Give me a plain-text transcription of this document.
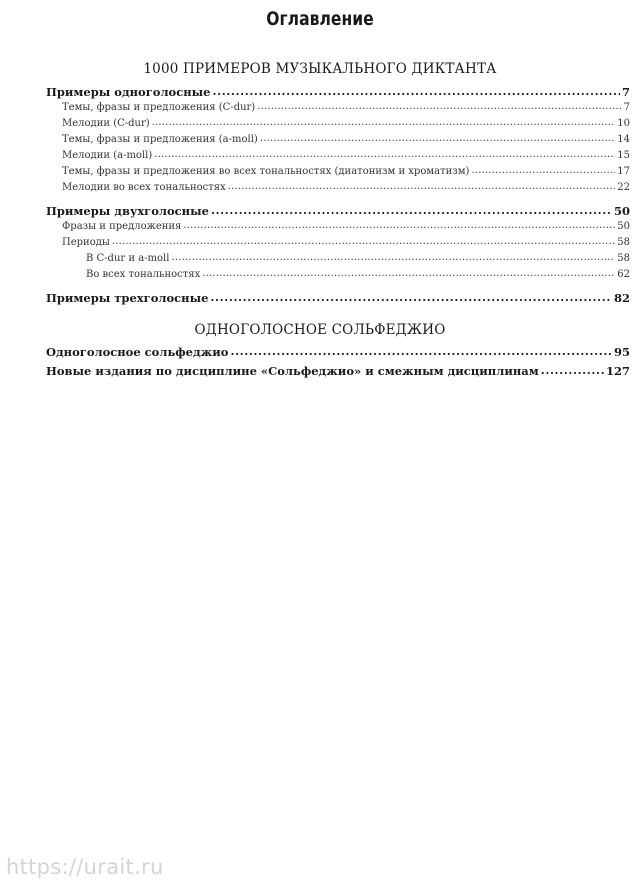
Оглавление
1000 ПРИМЕРОВ МУЗЫКАЛЬНОГО ДИКТАНТА
Примеры одноголосные .....	7
Темы, фразы и предложения (C-dur) .....	7
Мелодии (C-dur) .....	10
Темы, фразы и предложения (a-moll) .....	14
Мелодии (a-moll) .....	15
Темы, фразы и предложения во всех тональностях (диатонизм и хроматизм) .....	17
Мелодии во всех тональностях .....	22
Примеры двухголосные .....	50
Фразы и предложения .....	50
Периоды .....	58
В C-dur и a-moll .....	58
Во всех тональностях .....	62
Примеры трехголосные .....	82
ОДНОГОЛОСНОЕ СОЛЬФЕДЖИО
Одноголосное сольфеджио .....	95
Новые издания по дисциплине «Сольфеджио» и смежным дисциплинам .....	127
https://urait.ru
